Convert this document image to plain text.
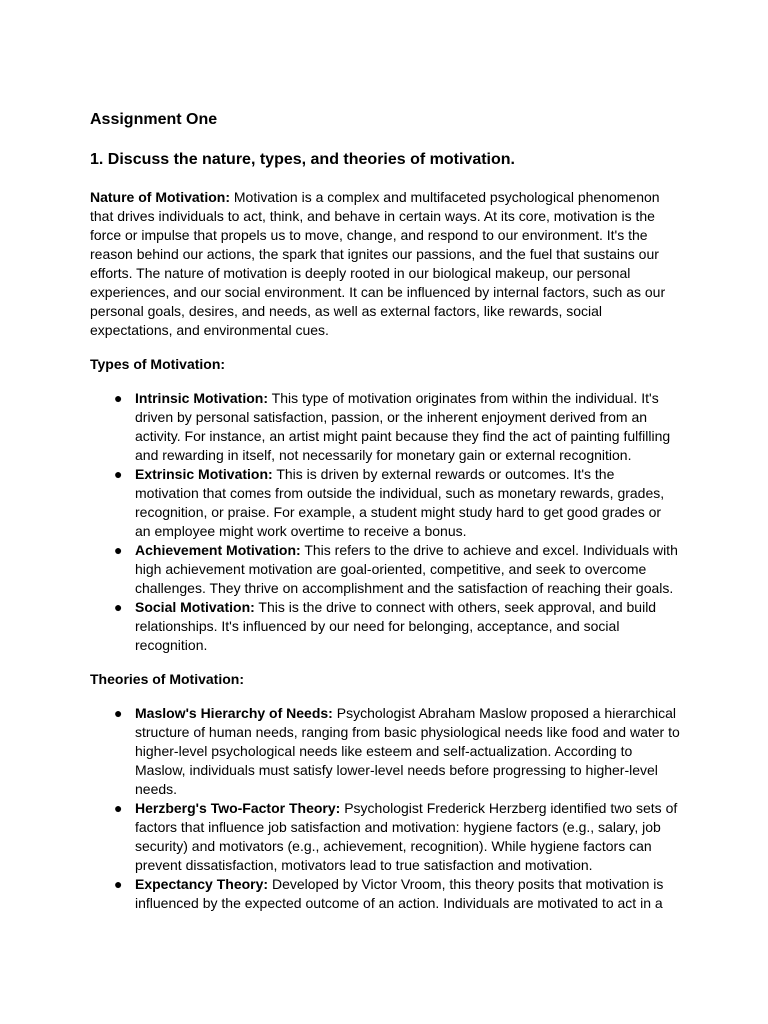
Assignment One
1. Discuss the nature, types, and theories of motivation.

Nature of Motivation: Motivation is a complex and multifaceted psychological phenomenon that drives individuals to act, think, and behave in certain ways. At its core, motivation is the force or impulse that propels us to move, change, and respond to our environment. It's the reason behind our actions, the spark that ignites our passions, and the fuel that sustains our efforts. The nature of motivation is deeply rooted in our biological makeup, our personal experiences, and our social environment. It can be influenced by internal factors, such as our personal goals, desires, and needs, as well as external factors, like rewards, social expectations, and environmental cues.

Types of Motivation:
● Intrinsic Motivation: This type of motivation originates from within the individual. It's driven by personal satisfaction, passion, or the inherent enjoyment derived from an activity. For instance, an artist might paint because they find the act of painting fulfilling and rewarding in itself, not necessarily for monetary gain or external recognition.
● Extrinsic Motivation: This is driven by external rewards or outcomes. It's the motivation that comes from outside the individual, such as monetary rewards, grades, recognition, or praise. For example, a student might study hard to get good grades or an employee might work overtime to receive a bonus.
● Achievement Motivation: This refers to the drive to achieve and excel. Individuals with high achievement motivation are goal-oriented, competitive, and seek to overcome challenges. They thrive on accomplishment and the satisfaction of reaching their goals.
● Social Motivation: This is the drive to connect with others, seek approval, and build relationships. It's influenced by our need for belonging, acceptance, and social recognition.
Theories of Motivation:
● Maslow's Hierarchy of Needs: Psychologist Abraham Maslow proposed a hierarchical structure of human needs, ranging from basic physiological needs like food and water to higher-level psychological needs like esteem and self-actualization. According to Maslow, individuals must satisfy lower-level needs before progressing to higher-level needs.
● Herzberg's Two-Factor Theory: Psychologist Frederick Herzberg identified two sets of factors that influence job satisfaction and motivation: hygiene factors (e.g., salary, job security) and motivators (e.g., achievement, recognition). While hygiene factors can prevent dissatisfaction, motivators lead to true satisfaction and motivation.
● Expectancy Theory: Developed by Victor Vroom, this theory posits that motivation is influenced by the expected outcome of an action. Individuals are motivated to act in a
